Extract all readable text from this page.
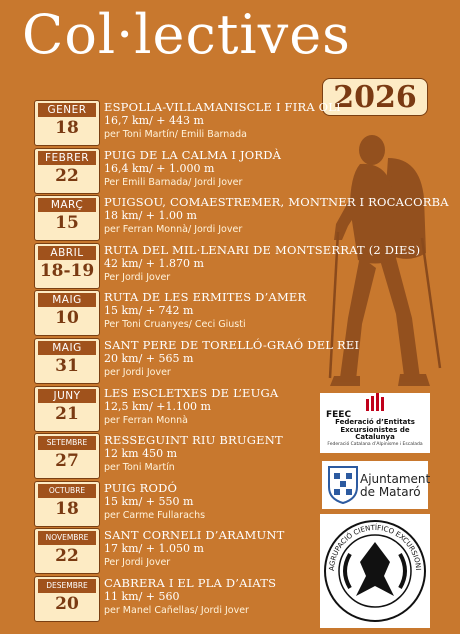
Col·lectives
2026
GENER
18
ESPOLLA-VILLAMANISCLE I FIRA OLI
16,7 km/ + 443 m
per Toni Martín/ Emili Barnada
FEBRER
22
PUIG DE LA CALMA I JORDÀ
16,4 km/ + 1.000 m
Per Emili Barnada/ Jordi Jover
MARÇ
15
PUIGSOU, COMAESTREMER, MONTNER I ROCACORBA
18 km/ + 1.00 m
per Ferran Monnà/ Jordi Jover
ABRIL
18-19
RUTA DEL MIL·LENARI DE MONTSERRAT (2 DIES)
42 km/ + 1.870 m
Per Jordi Jover
MAIG
10
RUTA DE LES ERMITES D’AMER
15 km/ + 742 m
Per Toni Cruanyes/ Ceci Giusti
MAIG
31
SANT PERE DE TORELLÓ-GRAÓ DEL REI
20 km/ + 565 m
per Jordi Jover
JUNY
21
LES ESCLETXES DE L’EUGA
12,5 km/ +1.100 m
per Ferran Monnà
SETEMBRE
27
RESSEGUINT RIU BRUGENT
12 km 450 m
per Toni Martín
OCTUBRE
18
PUIG RODÓ
15 km/ + 550 m
per Carme Fullarachs
NOVEMBRE
22
SANT CORNELI D’ARAMUNT
17 km/ + 1.050 m
Per Jordi Jover
DESEMBRE
20
CABRERA I EL PLA D’AIATS
11 km/ + 560
per Manel Cañellas/ Jordi Jover
FEEC
Federació d’Entitats Excursionistes de Catalunya
Federació Catalana d’Alpinisme i Escalada
Ajuntament de Mataró
AGRUPACIÓ CIENTÍFICO EXCURSIONI
